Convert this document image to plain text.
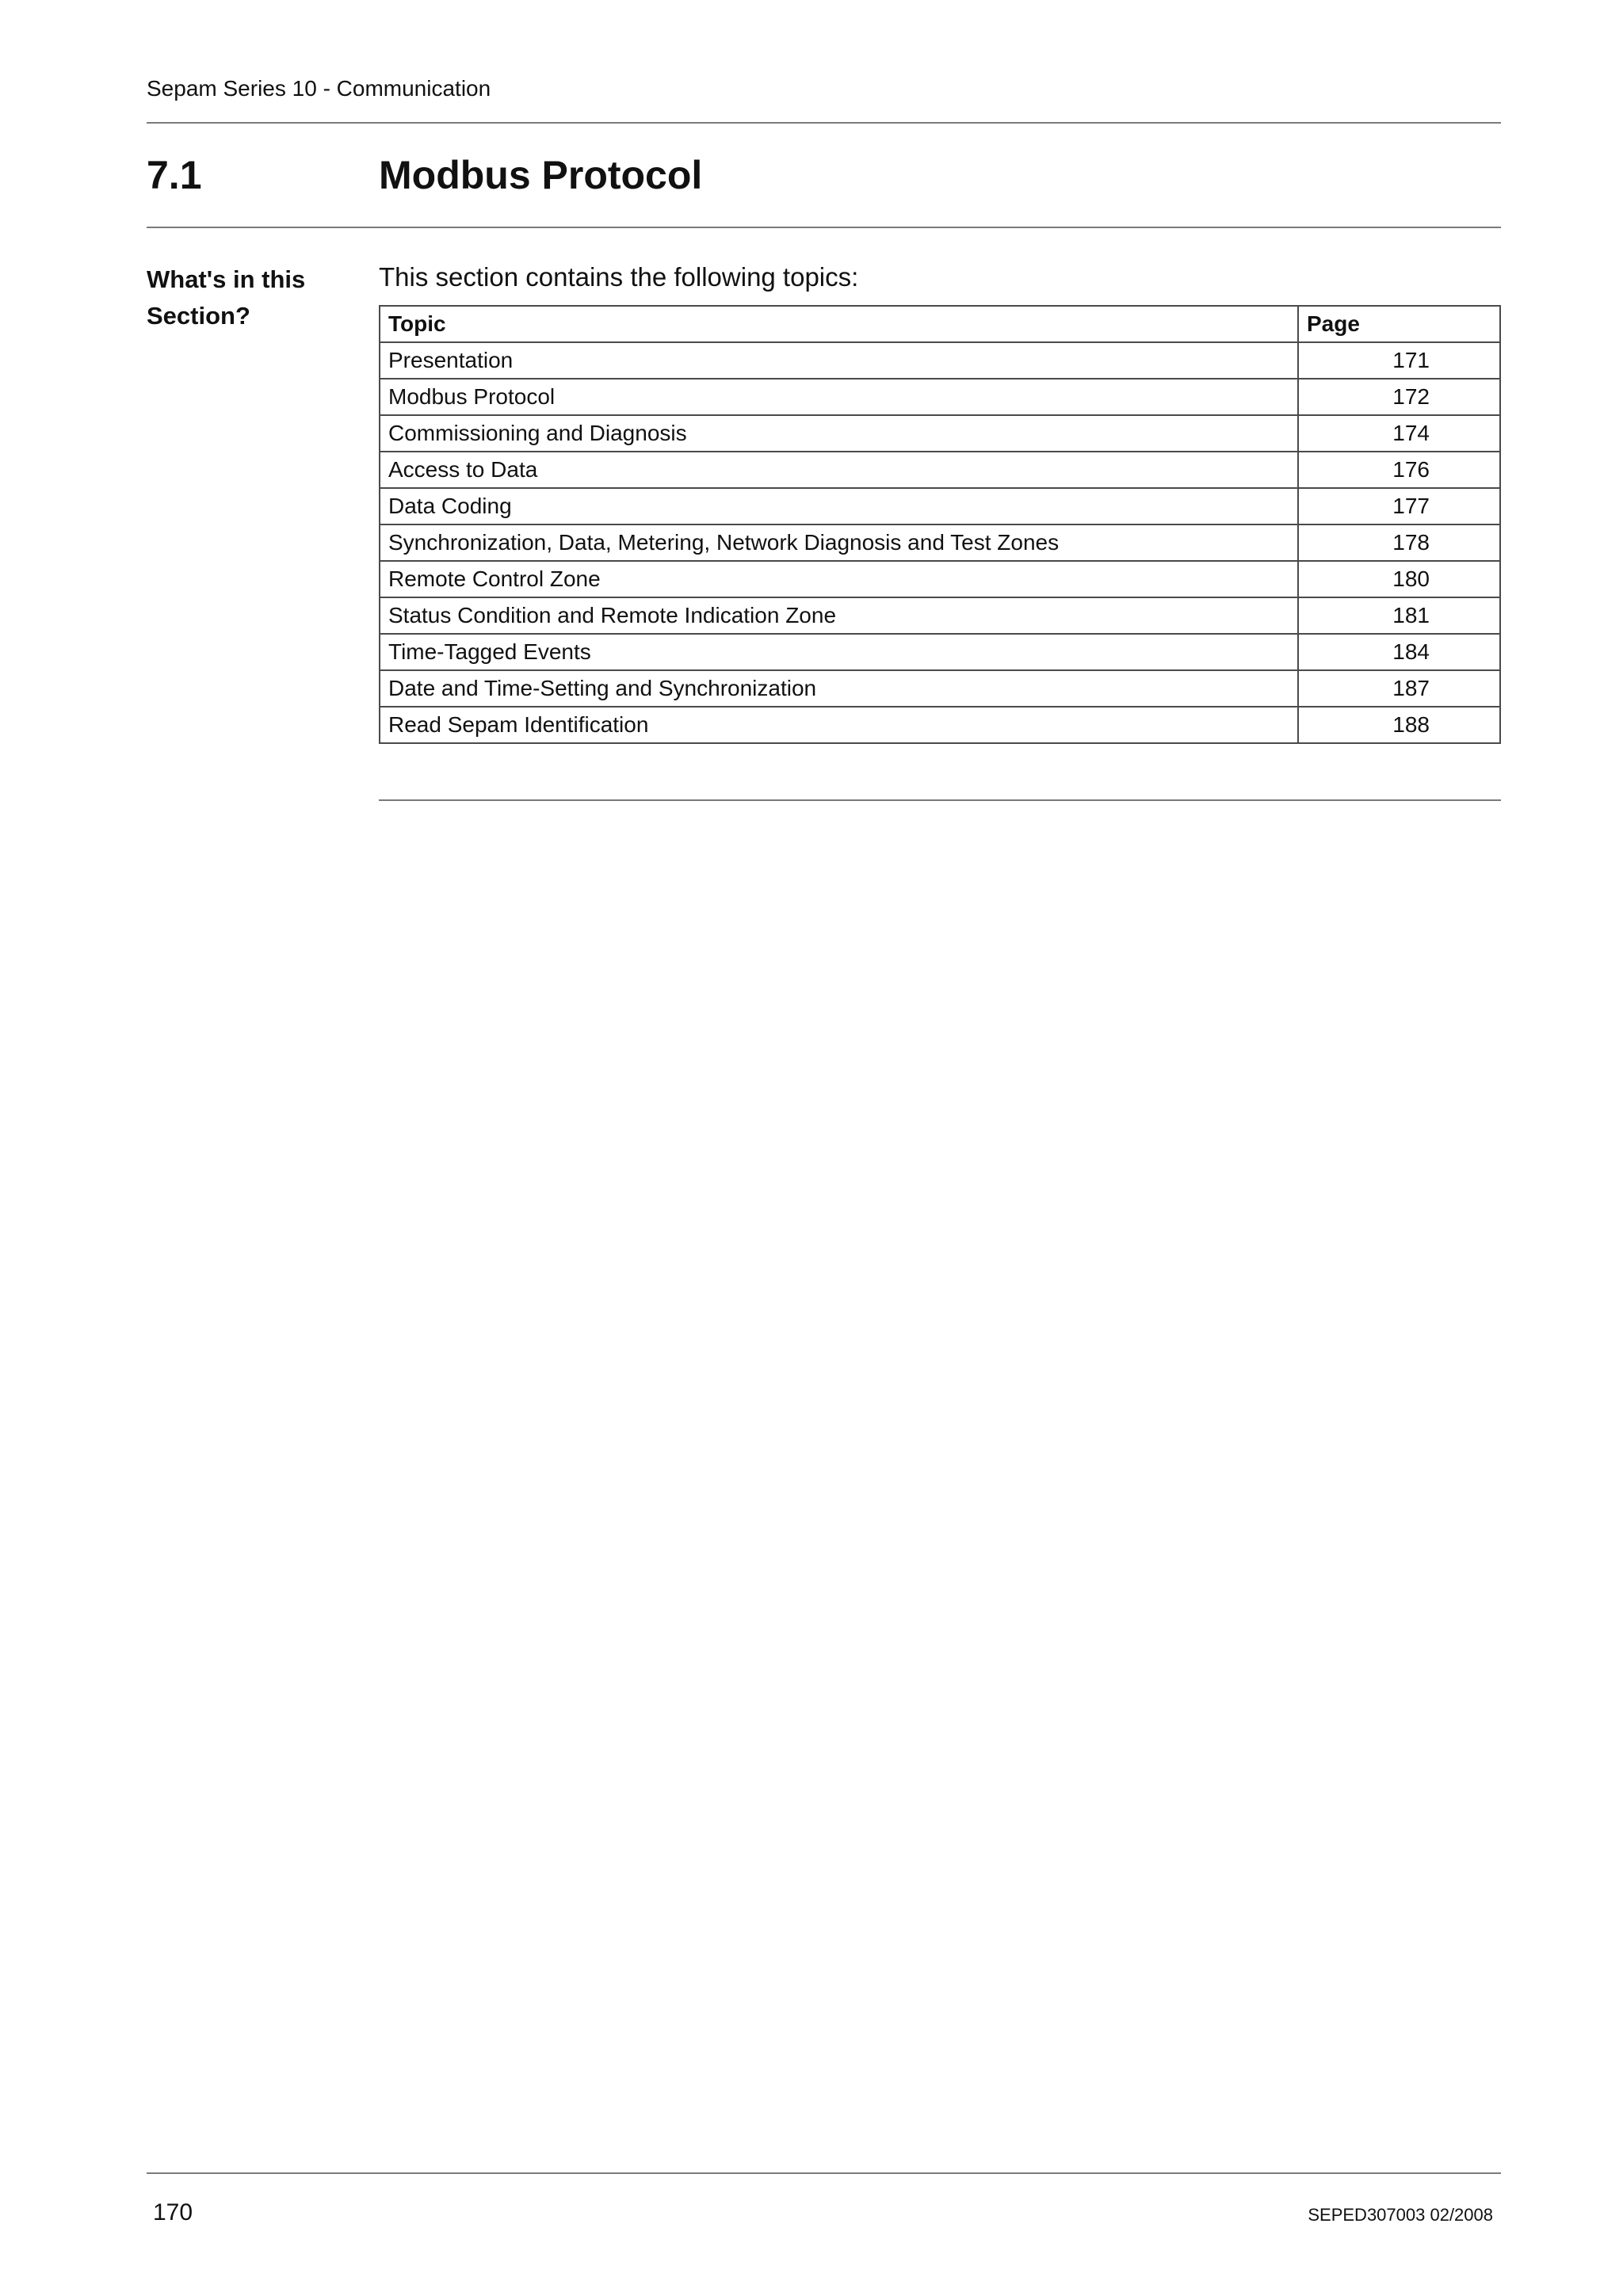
Sepam Series 10 - Communication
7.1	Modbus Protocol
What's in this Section?
This section contains the following topics:
Topic	Page
Presentation	171
Modbus Protocol	172
Commissioning and Diagnosis	174
Access to Data	176
Data Coding	177
Synchronization, Data, Metering, Network Diagnosis and Test Zones	178
Remote Control Zone	180
Status Condition and Remote Indication Zone	181
Time-Tagged Events	184
Date and Time-Setting and Synchronization	187
Read Sepam Identification	188
170	SEPED307003 02/2008
